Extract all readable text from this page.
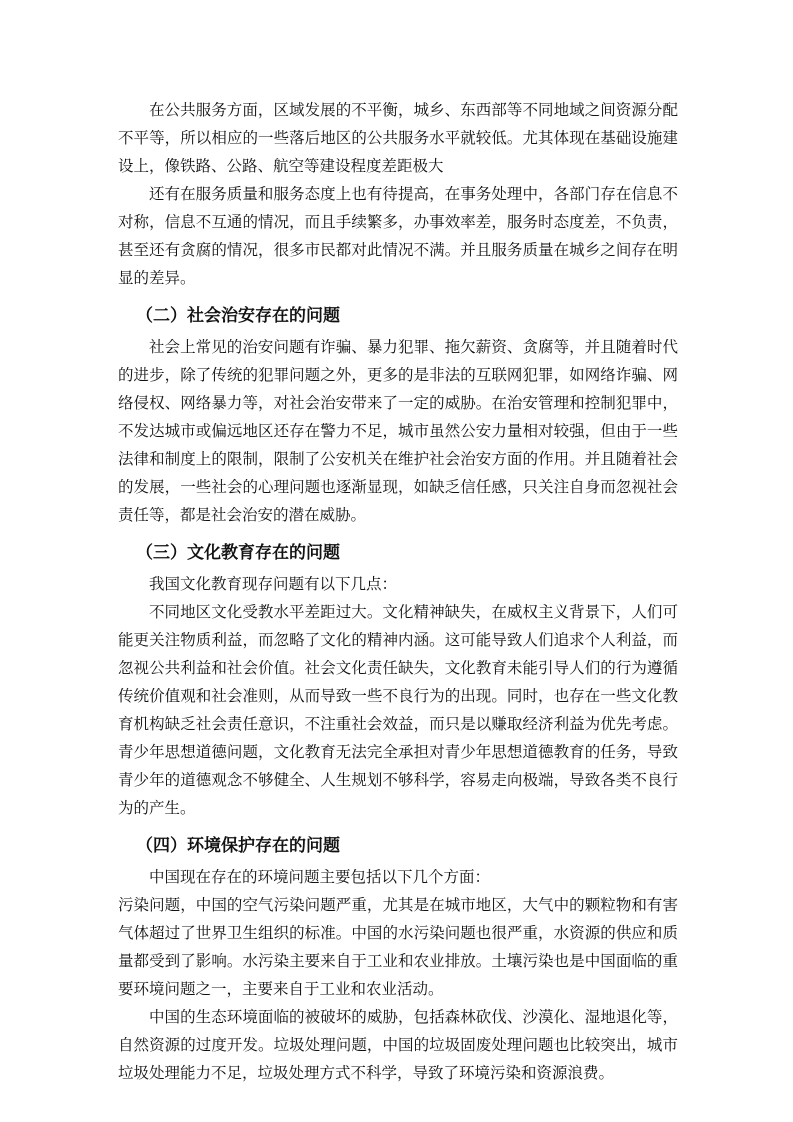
在公共服务方面，区域发展的不平衡，城乡、东西部等不同地域之间资源分配不平等，所以相应的一些落后地区的公共服务水平就较低。尤其体现在基础设施建设上，像铁路、公路、航空等建设程度差距极大

还有在服务质量和服务态度上也有待提高，在事务处理中，各部门存在信息不对称，信息不互通的情况，而且手续繁多，办事效率差，服务时态度差，不负责，甚至还有贪腐的情况，很多市民都对此情况不满。并且服务质量在城乡之间存在明显的差异。

（二）社会治安存在的问题

社会上常见的治安问题有诈骗、暴力犯罪、拖欠薪资、贪腐等，并且随着时代的进步，除了传统的犯罪问题之外，更多的是非法的互联网犯罪，如网络诈骗、网络侵权、网络暴力等，对社会治安带来了一定的威胁。在治安管理和控制犯罪中，不发达城市或偏远地区还存在警力不足，城市虽然公安力量相对较强，但由于一些法律和制度上的限制，限制了公安机关在维护社会治安方面的作用。并且随着社会的发展，一些社会的心理问题也逐渐显现，如缺乏信任感，只关注自身而忽视社会责任等，都是社会治安的潜在威胁。

（三）文化教育存在的问题

我国文化教育现存问题有以下几点：

不同地区文化受教水平差距过大。文化精神缺失，在威权主义背景下，人们可能更关注物质利益，而忽略了文化的精神内涵。这可能导致人们追求个人利益，而忽视公共利益和社会价值。社会文化责任缺失，文化教育未能引导人们的行为遵循传统价值观和社会准则，从而导致一些不良行为的出现。同时，也存在一些文化教育机构缺乏社会责任意识，不注重社会效益，而只是以赚取经济利益为优先考虑。青少年思想道德问题，文化教育无法完全承担对青少年思想道德教育的任务，导致青少年的道德观念不够健全、人生规划不够科学，容易走向极端，导致各类不良行为的产生。

（四）环境保护存在的问题

中国现在存在的环境问题主要包括以下几个方面：

污染问题，中国的空气污染问题严重，尤其是在城市地区，大气中的颗粒物和有害气体超过了世界卫生组织的标准。中国的水污染问题也很严重，水资源的供应和质量都受到了影响。水污染主要来自于工业和农业排放。土壤污染也是中国面临的重要环境问题之一，主要来自于工业和农业活动。

中国的生态环境面临的被破坏的威胁，包括森林砍伐、沙漠化、湿地退化等，自然资源的过度开发。垃圾处理问题，中国的垃圾固废处理问题也比较突出，城市垃圾处理能力不足，垃圾处理方式不科学，导致了环境污染和资源浪费。
